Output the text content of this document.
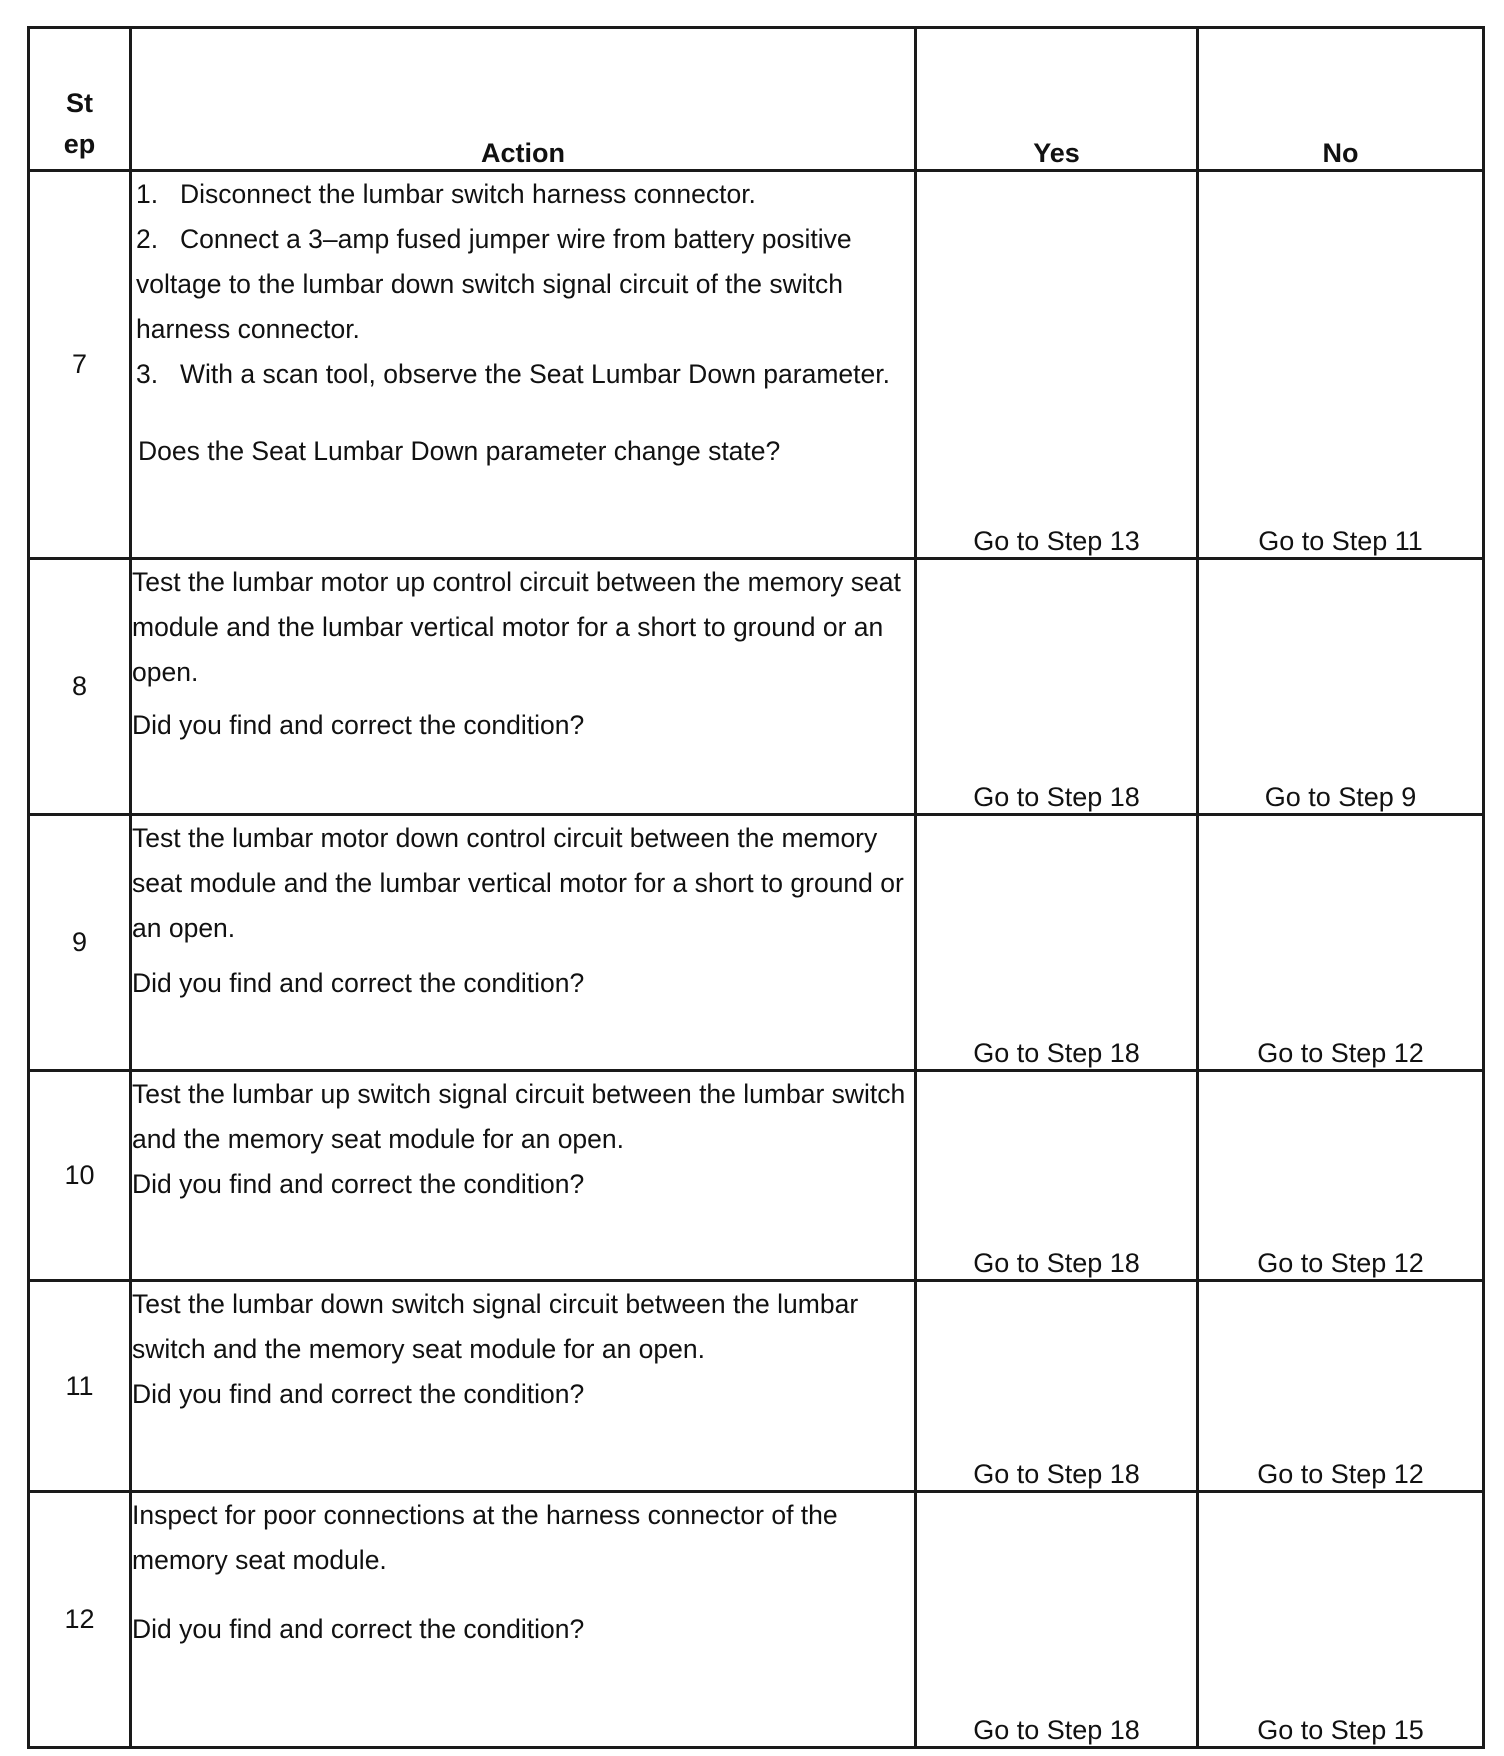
St
ep	Action	Yes	No
7	1. Disconnect the lumbar switch harness connector.
2. Connect a 3–amp fused jumper wire from battery positive voltage to the lumbar down switch signal circuit of the switch harness connector.
3. With a scan tool, observe the Seat Lumbar Down parameter.
Does the Seat Lumbar Down parameter change state?	Go to Step 13	Go to Step 11
8	Test the lumbar motor up control circuit between the memory seat module and the lumbar vertical motor for a short to ground or an open.
Did you find and correct the condition?	Go to Step 18	Go to Step 9
9	Test the lumbar motor down control circuit between the memory seat module and the lumbar vertical motor for a short to ground or an open.
Did you find and correct the condition?	Go to Step 18	Go to Step 12
10	Test the lumbar up switch signal circuit between the lumbar switch and the memory seat module for an open.
Did you find and correct the condition?	Go to Step 18	Go to Step 12
11	Test the lumbar down switch signal circuit between the lumbar switch and the memory seat module for an open.
Did you find and correct the condition?	Go to Step 18	Go to Step 12
12	Inspect for poor connections at the harness connector of the memory seat module.
Did you find and correct the condition?	Go to Step 18	Go to Step 15
